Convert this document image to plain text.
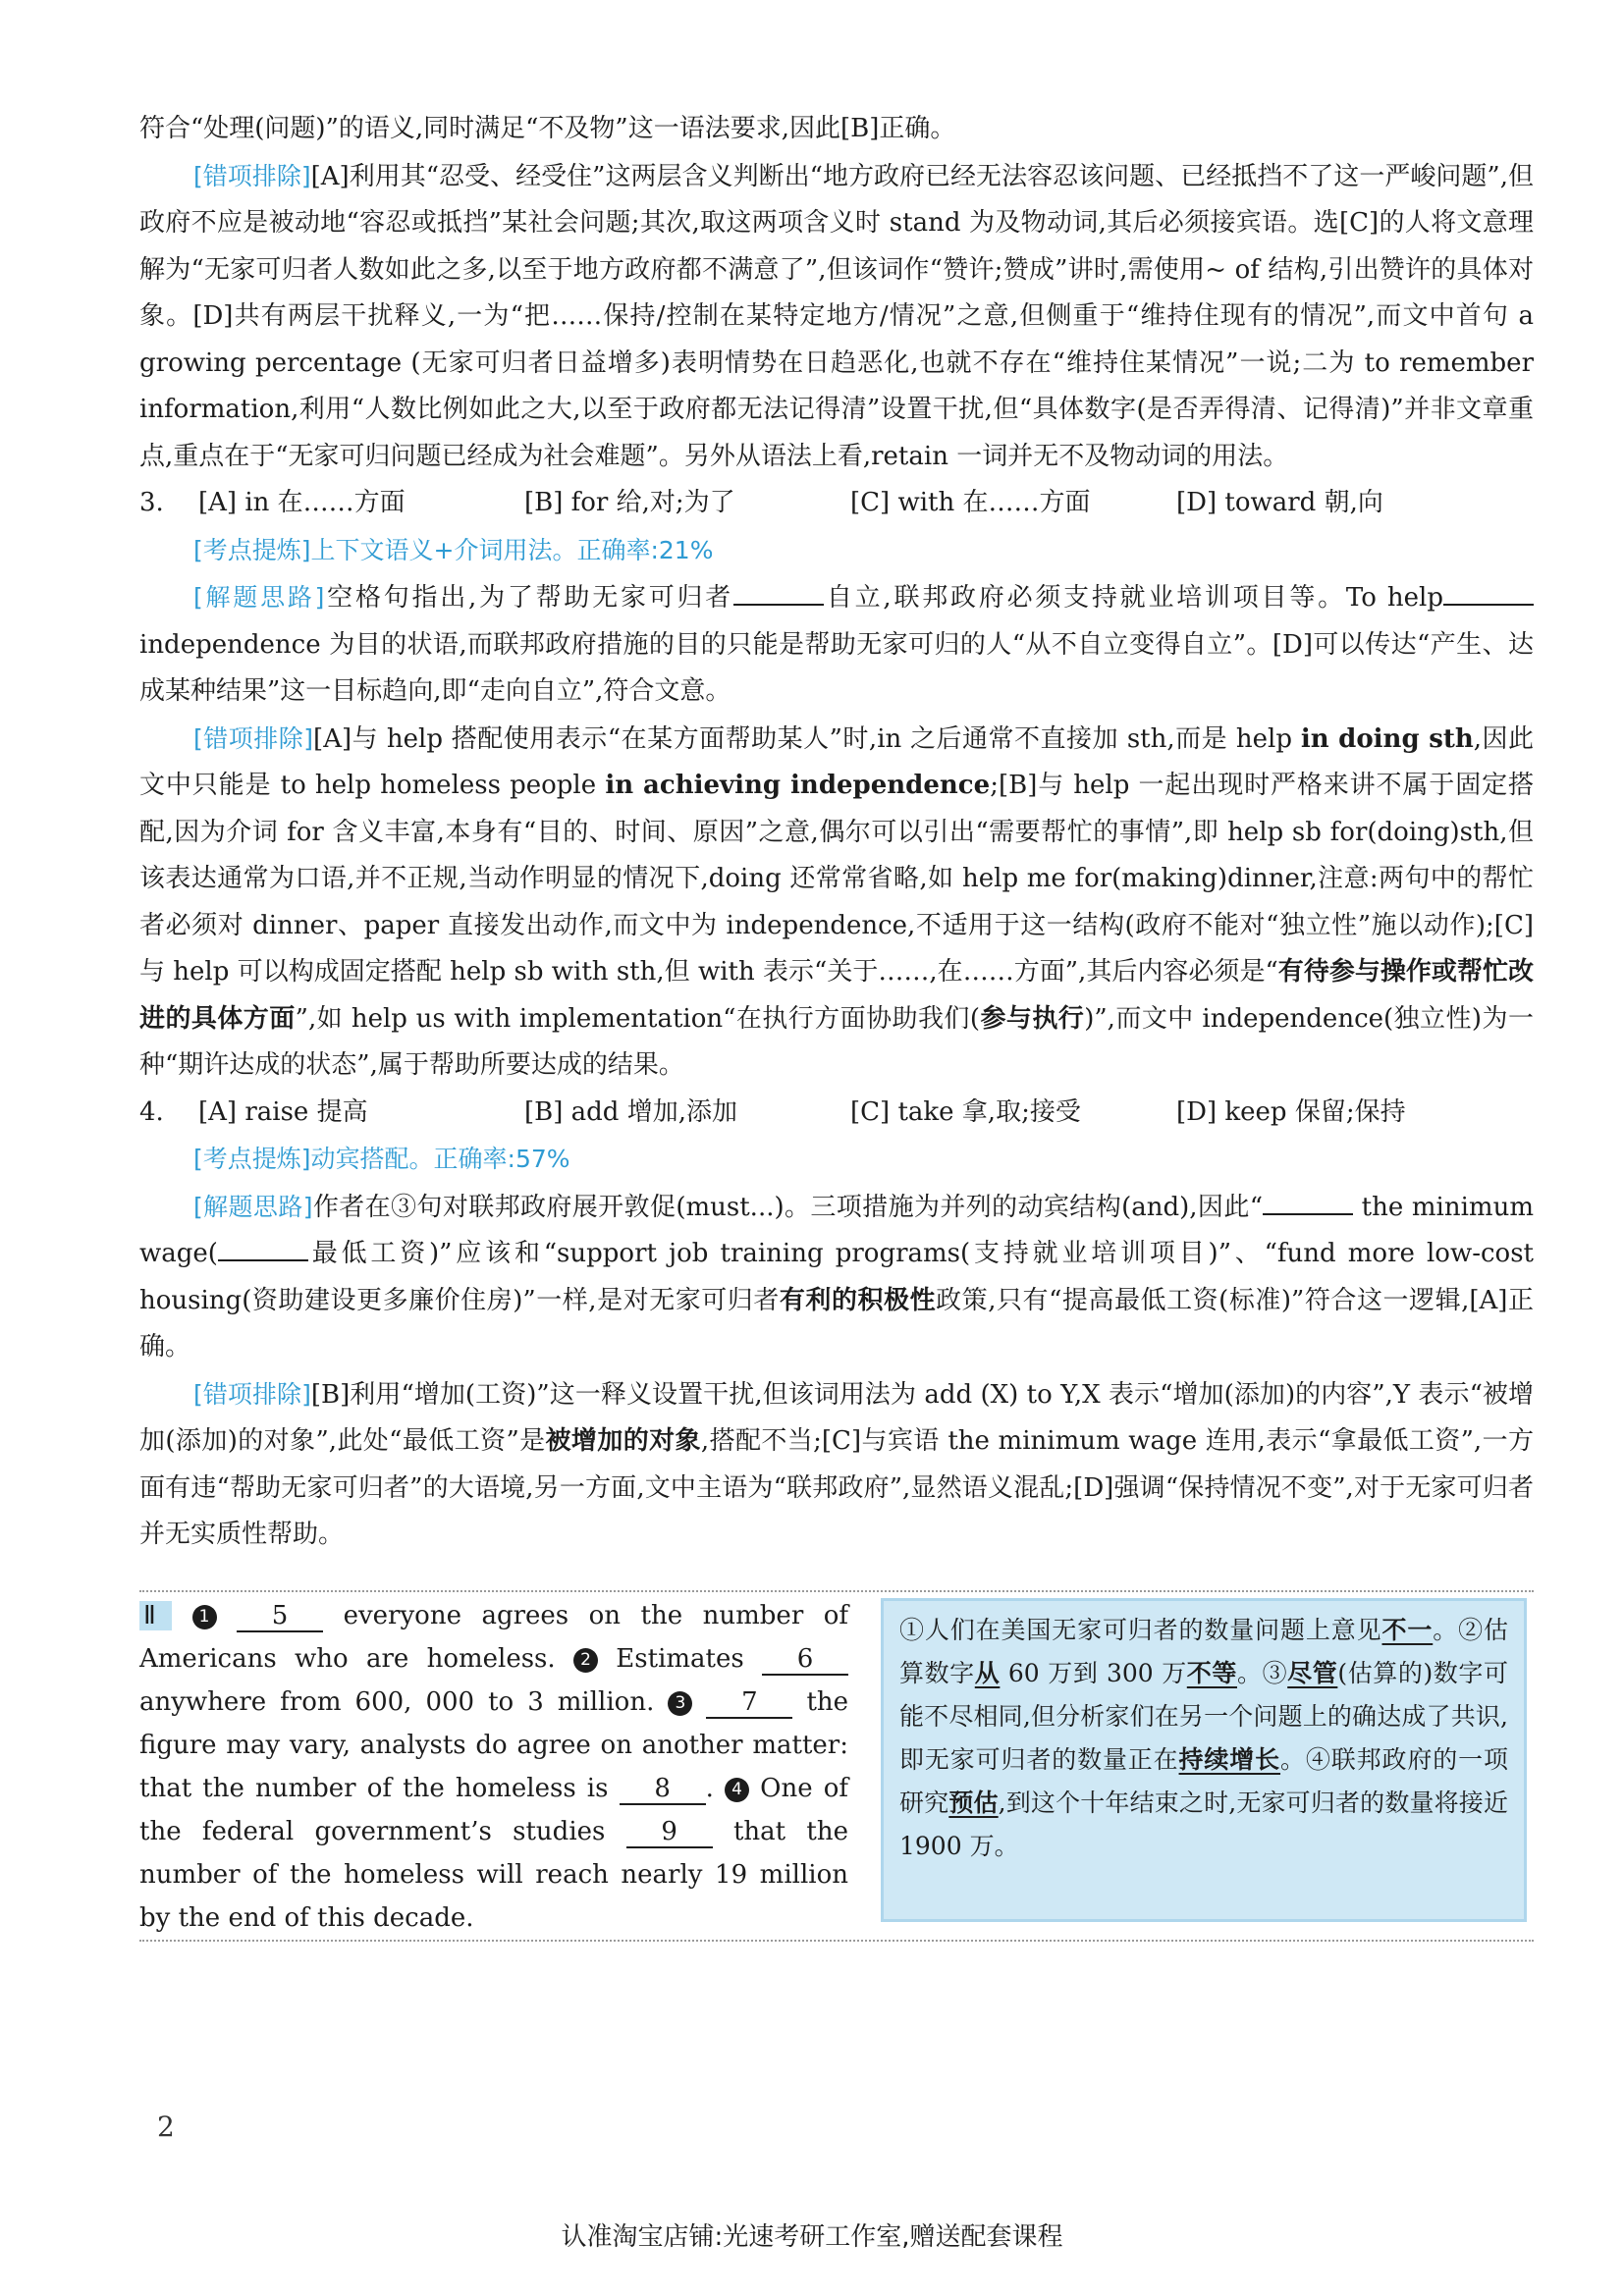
符合“处理(问题)”的语义,同时满足“不及物”这一语法要求,因此[B]正确。

[错项排除][A]利用其“忍受、经受住”这两层含义判断出“地方政府已经无法容忍该问题、已经抵挡不了这一严峻问题”,但政府不应是被动地“容忍或抵挡”某社会问题;其次,取这两项含义时 stand 为及物动词,其后必须接宾语。选[C]的人将文意理解为“无家可归者人数如此之多,以至于地方政府都不满意了”,但该词作“赞许;赞成”讲时,需使用~ of 结构,引出赞许的具体对象。[D]共有两层干扰释义,一为“把……保持/控制在某特定地方/情况”之意,但侧重于“维持住现有的情况”,而文中首句 a growing percentage (无家可归者日益增多)表明情势在日趋恶化,也就不存在“维持住某情况”一说;二为 to remember information,利用“人数比例如此之大,以至于政府都无法记得清”设置干扰,但“具体数字(是否弄得清、记得清)”并非文章重点,重点在于“无家可归问题已经成为社会难题”。另外从语法上看,retain 一词并无不及物动词的用法。

3.	[A] in 在……方面	[B] for 给,对;为了	[C] with 在……方面	[D] toward 朝,向

[考点提炼]上下文语义+介词用法。正确率:21%

[解题思路]空格句指出,为了帮助无家可归者	自立,联邦政府必须支持就业培训项目等。To helpindependence 为目的状语,而联邦政府措施的目的只能是帮助无家可归的人“从不自立变得自立”。[D]可以传达“产生、达成某种结果”这一目标趋向,即“走向自立”,符合文意。

[错项排除][A]与 help 搭配使用表示“在某方面帮助某人”时,in 之后通常不直接加 sth,而是 help in doing sth,因此文中只能是 to help homeless people in achieving independence;[B]与 help 一起出现时严格来讲不属于固定搭配,因为介词 for 含义丰富,本身有“目的、时间、原因”之意,偶尔可以引出“需要帮忙的事情”,即 help sb for(doing)sth,但该表达通常为口语,并不正规,当动作明显的情况下,doing 还常常省略,如 help me for(making)dinner,注意:两句中的帮忙者必须对 dinner、paper 直接发出动作,而文中为 independence,不适用于这一结构(政府不能对“独立性”施以动作);[C]与 help 可以构成固定搭配 help sb with sth,但 with 表示“关于……,在……方面”,其后内容必须是“有待参与操作或帮忙改进的具体方面”,如 help us with implementation“在执行方面协助我们(参与执行)”,而文中 independence(独立性)为一种“期许达成的状态”,属于帮助所要达成的结果。

4.	[A] raise 提高	[B] add 增加,添加	[C] take 拿,取;接受	[D] keep 保留;保持

[考点提炼]动宾搭配。正确率:57%

[解题思路]作者在③句对联邦政府展开敦促(must...)。三项措施为并列的动宾结构(and),因此“	the minimum wage(	最低工资)”应该和“support job training programs(支持就业培训项目)”、“fund more low-cost housing(资助建设更多廉价住房)”一样,是对无家可归者有利的积极性政策,只有“提高最低工资(标准)”符合这一逻辑,[A]正确。

[错项排除][B]利用“增加(工资)”这一释义设置干扰,但该词用法为 add (X) to Y,X 表示“增加(添加)的内容”,Y 表示“被增加(添加)的对象”,此处“最低工资”是被增加的对象,搭配不当;[C]与宾语 the minimum wage 连用,表示“拿最低工资”,一方面有违“帮助无家可归者”的大语境,另一方面,文中主语为“联邦政府”,显然语义混乱;[D]强调“保持情况不变”,对于无家可归者并无实质性帮助。

Ⅱ 1 5 everyone agrees on the number of Americans who are homeless. 2 Estimates 6 anywhere from 600, 000 to 3 million. 3 7 the figure may vary, analysts do agree on another matter: that the number of the homeless is 8 . 4 One of the federal government’s studies 9 that the number of the homeless will reach nearly 19 million by the end of this decade.
①人们在美国无家可归者的数量问题上意见不一。②估算数字从 60 万到 300 万不等。③尽管(估算的)数字可能不尽相同,但分析家们在另一个问题上的确达成了共识,即无家可归者的数量正在持续增长。④联邦政府的一项研究预估,到这个十年结束之时,无家可归者的数量将接近 1900 万。
2
认准淘宝店铺:光速考研工作室,赠送配套课程
